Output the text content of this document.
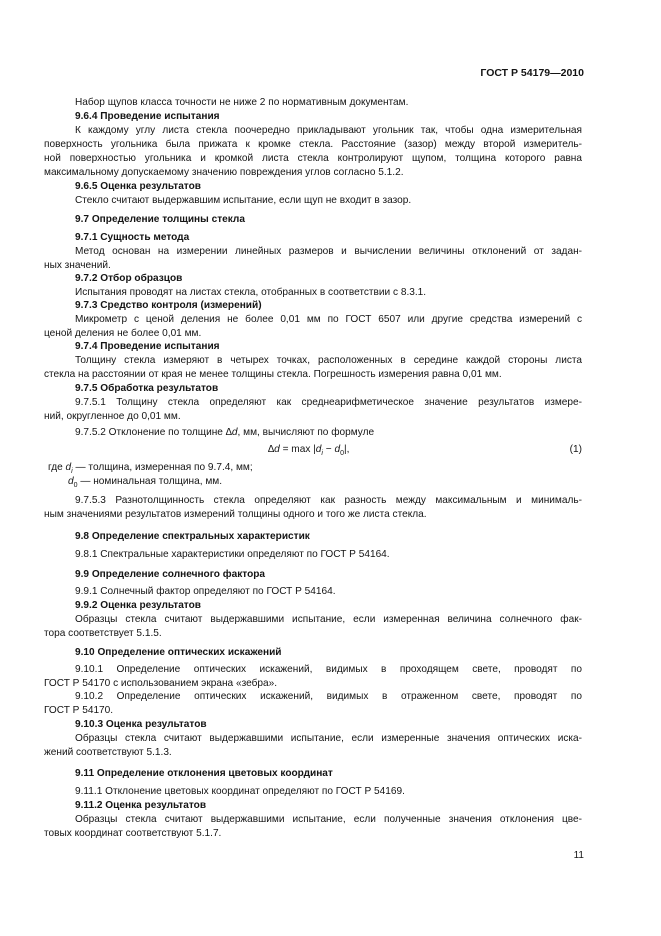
ГОСТ Р 54179—2010
Набор щупов класса точности не ниже 2 по нормативным документам.
9.6.4 Проведение испытания
К каждому углу листа стекла поочередно прикладывают угольник так, чтобы одна измерительная
поверхность угольника была прижата к кромке стекла. Расстояние (зазор) между второй измеритель-
ной поверхностью угольника и кромкой листа стекла контролируют щупом, толщина которого равна
максимальному допускаемому значению повреждения углов согласно 5.1.2.
9.6.5 Оценка результатов
Стекло считают выдержавшим испытание, если щуп не входит в зазор.
9.7 Определение толщины стекла
9.7.1 Сущность метода
Метод основан на измерении линейных размеров и вычислении величины отклонений от задан-
ных значений.
9.7.2 Отбор образцов
Испытания проводят на листах стекла, отобранных в соответствии с 8.3.1.
9.7.3 Средство контроля (измерений)
Микрометр с ценой деления не более 0,01 мм по ГОСТ 6507 или другие средства измерений с
ценой деления не более 0,01 мм.
9.7.4 Проведение испытания
Толщину стекла измеряют в четырех точках, расположенных в середине каждой стороны листа
стекла на расстоянии от края не менее толщины стекла. Погрешность измерения равна 0,01 мм.
9.7.5 Обработка результатов
9.7.5.1 Толщину стекла определяют как среднеарифметическое значение результатов измере-
ний, округленное до 0,01 мм.
9.7.5.2 Отклонение по толщине ∆d, мм, вычисляют по формуле
где $d_i$ — толщина, измеренная по 9.7.4, мм;
$d_0$ — номинальная толщина, мм.
9.7.5.3 Разнотолщинность стекла определяют как разность между максимальным и минималь-
ным значениями результатов измерений толщины одного и того же листа стекла.
9.8 Определение спектральных характеристик
9.8.1 Спектральные характеристики определяют по ГОСТ Р 54164.
9.9 Определение солнечного фактора
9.9.1 Солнечный фактор определяют по ГОСТ Р 54164.
9.9.2 Оценка результатов
Образцы стекла считают выдержавшими испытание, если измеренная величина солнечного фак-
тора соответствует 5.1.5.
9.10 Определение оптических искажений
9.10.1 Определение оптических искажений, видимых в проходящем свете, проводят по
ГОСТ Р 54170 с использованием экрана «зебра».
9.10.2 Определение оптических искажений, видимых в отраженном свете, проводят по
ГОСТ Р 54170.
9.10.3 Оценка результатов
Образцы стекла считают выдержавшими испытание, если измеренные значения оптических иска-
жений соответствуют 5.1.3.
9.11 Определение отклонения цветовых координат
9.11.1 Отклонение цветовых координат определяют по ГОСТ Р 54169.
9.11.2 Оценка результатов
Образцы стекла считают выдержавшими испытание, если полученные значения отклонения цве-
товых координат соответствуют 5.1.7.
$\Delta d = \max |d_i - d_0|$,	(1)
11
